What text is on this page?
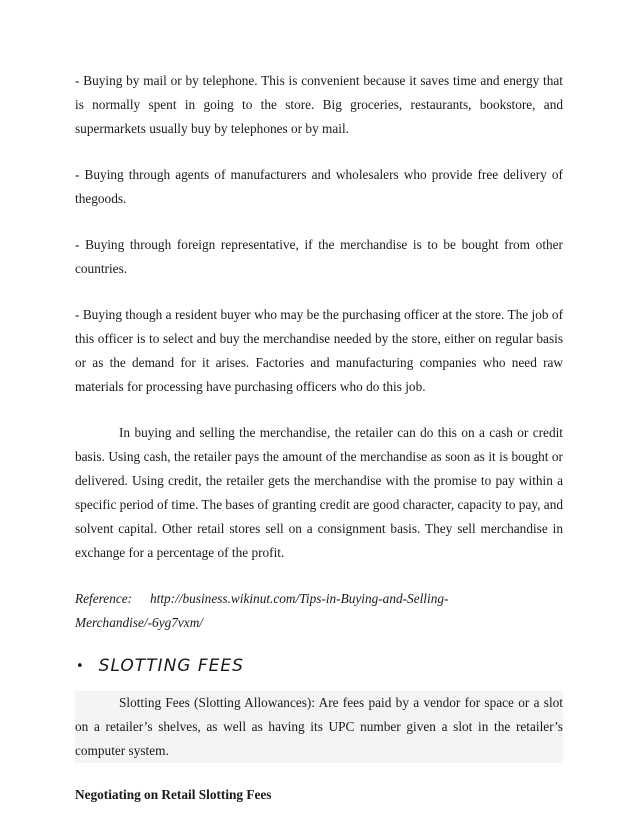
- Buying by mail or by telephone. This is convenient because it saves time and energy that is normally spent in going to the store. Big groceries, restaurants, bookstore, and supermarkets usually buy by telephones or by mail.

- Buying through agents of manufacturers and wholesalers who provide free delivery of thegoods.

- Buying through foreign representative, if the merchandise is to be bought from other countries.

- Buying though a resident buyer who may be the purchasing officer at the store. The job of this officer is to select and buy the merchandise needed by the store, either on regular basis or as the demand for it arises. Factories and manufacturing companies who need raw materials for processing have purchasing officers who do this job.

In buying and selling the merchandise, the retailer can do this on a cash or credit basis. Using cash, the retailer pays the amount of the merchandise as soon as it is bought or delivered. Using credit, the retailer gets the merchandise with the promise to pay within a specific period of time. The bases of granting credit are good character, capacity to pay, and solvent capital. Other retail stores sell on a consignment basis. They sell merchandise in exchange for a percentage of the profit.

Reference: http://business.wikinut.com/Tips-in-Buying-and-Selling-Merchandise/-6yg7vxm/

• SLOTTING FEES

Slotting Fees (Slotting Allowances): Are fees paid by a vendor for space or a slot on a retailer’s shelves, as well as having its UPC number given a slot in the retailer’s computer system.

Negotiating on Retail Slotting Fees
